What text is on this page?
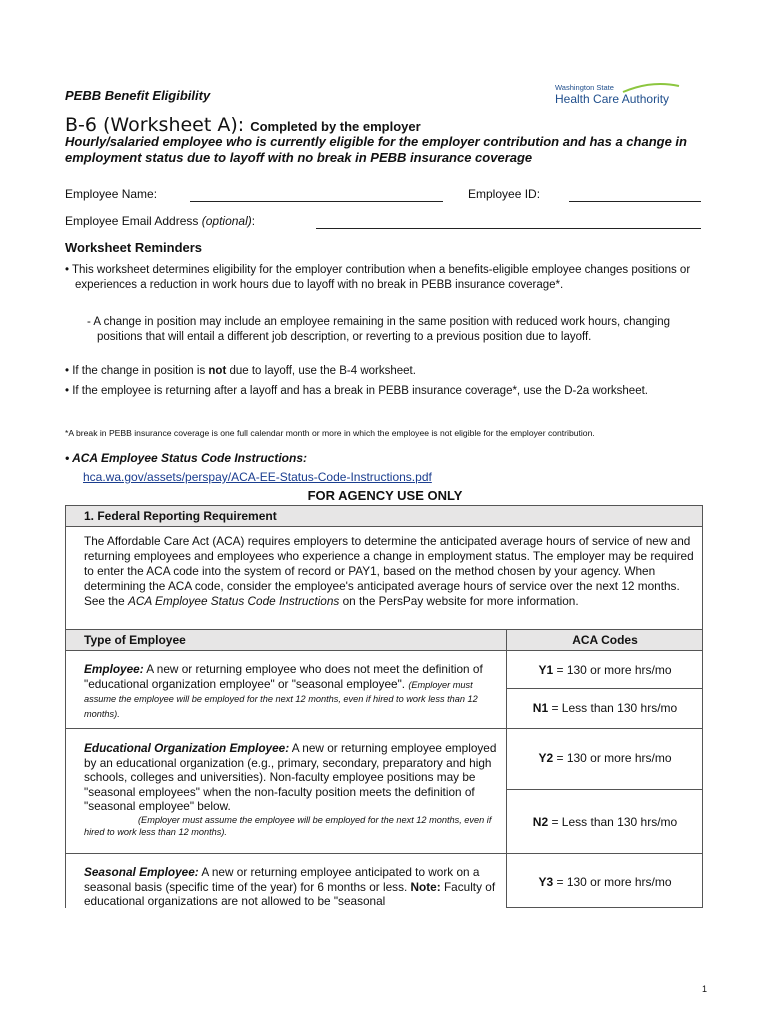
PEBB Benefit Eligibility
Washington State
Health Care Authority
B-6 (Worksheet A): Completed by the employer
Hourly/salaried employee who is currently eligible for the employer contribution and has a change in employment status due to layoff with no break in PEBB insurance coverage
Employee Name:	Employee ID:
Employee Email Address (optional):
Worksheet Reminders
• This worksheet determines eligibility for the employer contribution when a benefits-eligible employee changes positions or experiences a reduction in work hours due to layoff with no break in PEBB insurance coverage*.
- A change in position may include an employee remaining in the same position with reduced work hours, changing positions that will entail a different job description, or reverting to a previous position due to layoff.
• If the change in position is not due to layoff, use the B-4 worksheet.
• If the employee is returning after a layoff and has a break in PEBB insurance coverage*, use the D-2a worksheet.
*A break in PEBB insurance coverage is one full calendar month or more in which the employee is not eligible for the employer contribution.
• ACA Employee Status Code Instructions:
hca.wa.gov/assets/perspay/ACA-EE-Status-Code-Instructions.pdf
FOR AGENCY USE ONLY
1. Federal Reporting Requirement
The Affordable Care Act (ACA) requires employers to determine the anticipated average hours of service of new and returning employees and employees who experience a change in employment status. The employer may be required to enter the ACA code into the system of record or PAY1, based on the method chosen by your agency. When determining the ACA code, consider the employee's anticipated average hours of service over the next 12 months. See the ACA Employee Status Code Instructions on the PersPay website for more information.
Type of Employee	ACA Codes
Employee: A new or returning employee who does not meet the definition of "educational organization employee" or "seasonal employee". (Employer must assume the employee will be employed for the next 12 months, even if hired to work less than 12 months).
Educational Organization Employee: A new or returning employee employed by an educational organization (e.g., primary, secondary, preparatory and high schools, colleges and universities). Non-faculty employee positions may be "seasonal employees" when the non-faculty position meets the definition of "seasonal employee" below.
(Employer must assume the employee will be employed for the next 12 months, even if hired to work less than 12 months).
Seasonal Employee: A new or returning employee anticipated to work on a seasonal basis (specific time of the year) for 6 months or less. Note: Faculty of educational organizations are not allowed to be "seasonal
Y1 = 130 or more hrs/mo
N1 = Less than 130 hrs/mo
Y2 = 130 or more hrs/mo
N2 = Less than 130 hrs/mo
Y3 = 130 or more hrs/mo
1
